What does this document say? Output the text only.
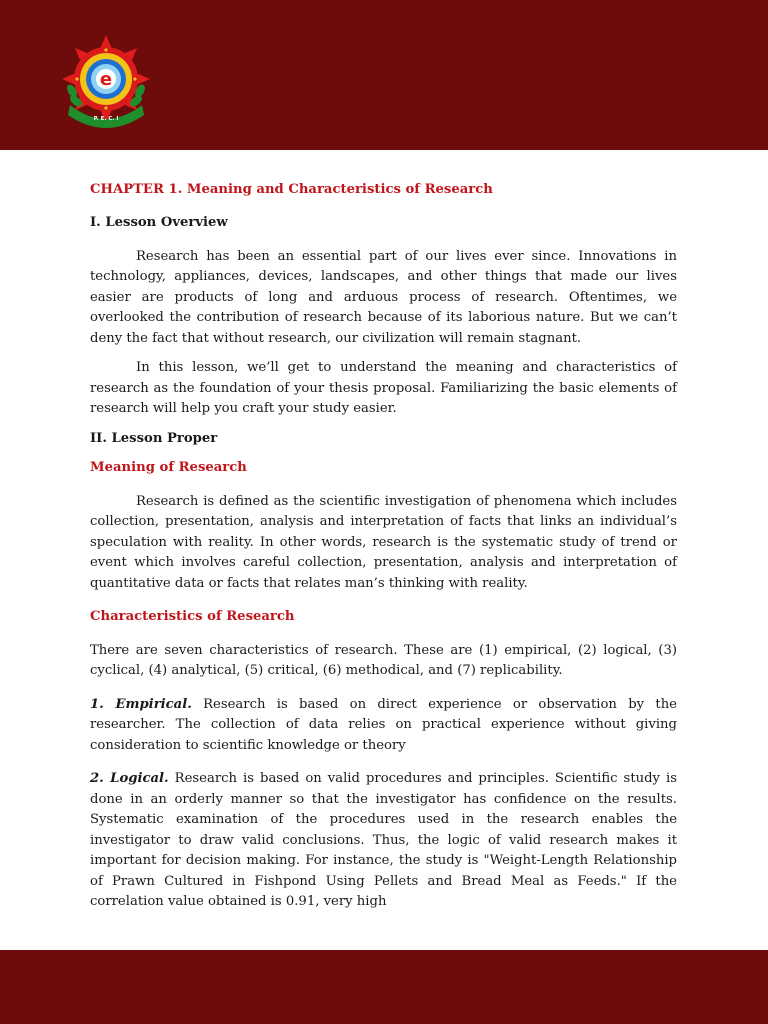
e
P. E. C. I

CHAPTER 1. Meaning and Characteristics of Research

I. Lesson Overview

Research has been an essential part of our lives ever since. Innovations in technology, appliances, devices, landscapes, and other things that made our lives easier are products of long and arduous process of research. Oftentimes, we overlooked the contribution of research because of its laborious nature. But we can’t deny the fact that without research, our civilization will remain stagnant.

In this lesson, we’ll get to understand the meaning and characteristics of research as the foundation of your thesis proposal. Familiarizing the basic elements of research will help you craft your study easier.

II. Lesson Proper

Meaning of Research

Research is defined as the scientific investigation of phenomena which includes collection, presentation, analysis and interpretation of facts that links an individual’s speculation with reality. In other words, research is the systematic study of trend or event which involves careful collection, presentation, analysis and interpretation of quantitative data or facts that relates man’s thinking with reality.

Characteristics of Research

There are seven characteristics of research. These are (1) empirical, (2) logical, (3) cyclical, (4) analytical, (5) critical, (6) methodical, and (7) replicability.

1. Empirical. Research is based on direct experience or observation by the researcher. The collection of data relies on practical experience without giving consideration to scientific knowledge or theory

2. Logical. Research is based on valid procedures and principles. Scientific study is done in an orderly manner so that the investigator has confidence on the results. Systematic examination of the procedures used in the research enables the investigator to draw valid conclusions. Thus, the logic of valid research makes it important for decision making. For instance, the study is "Weight-Length Relationship of Prawn Cultured in Fishpond Using Pellets and Bread Meal as Feeds." If the correlation value obtained is 0.91, very high
